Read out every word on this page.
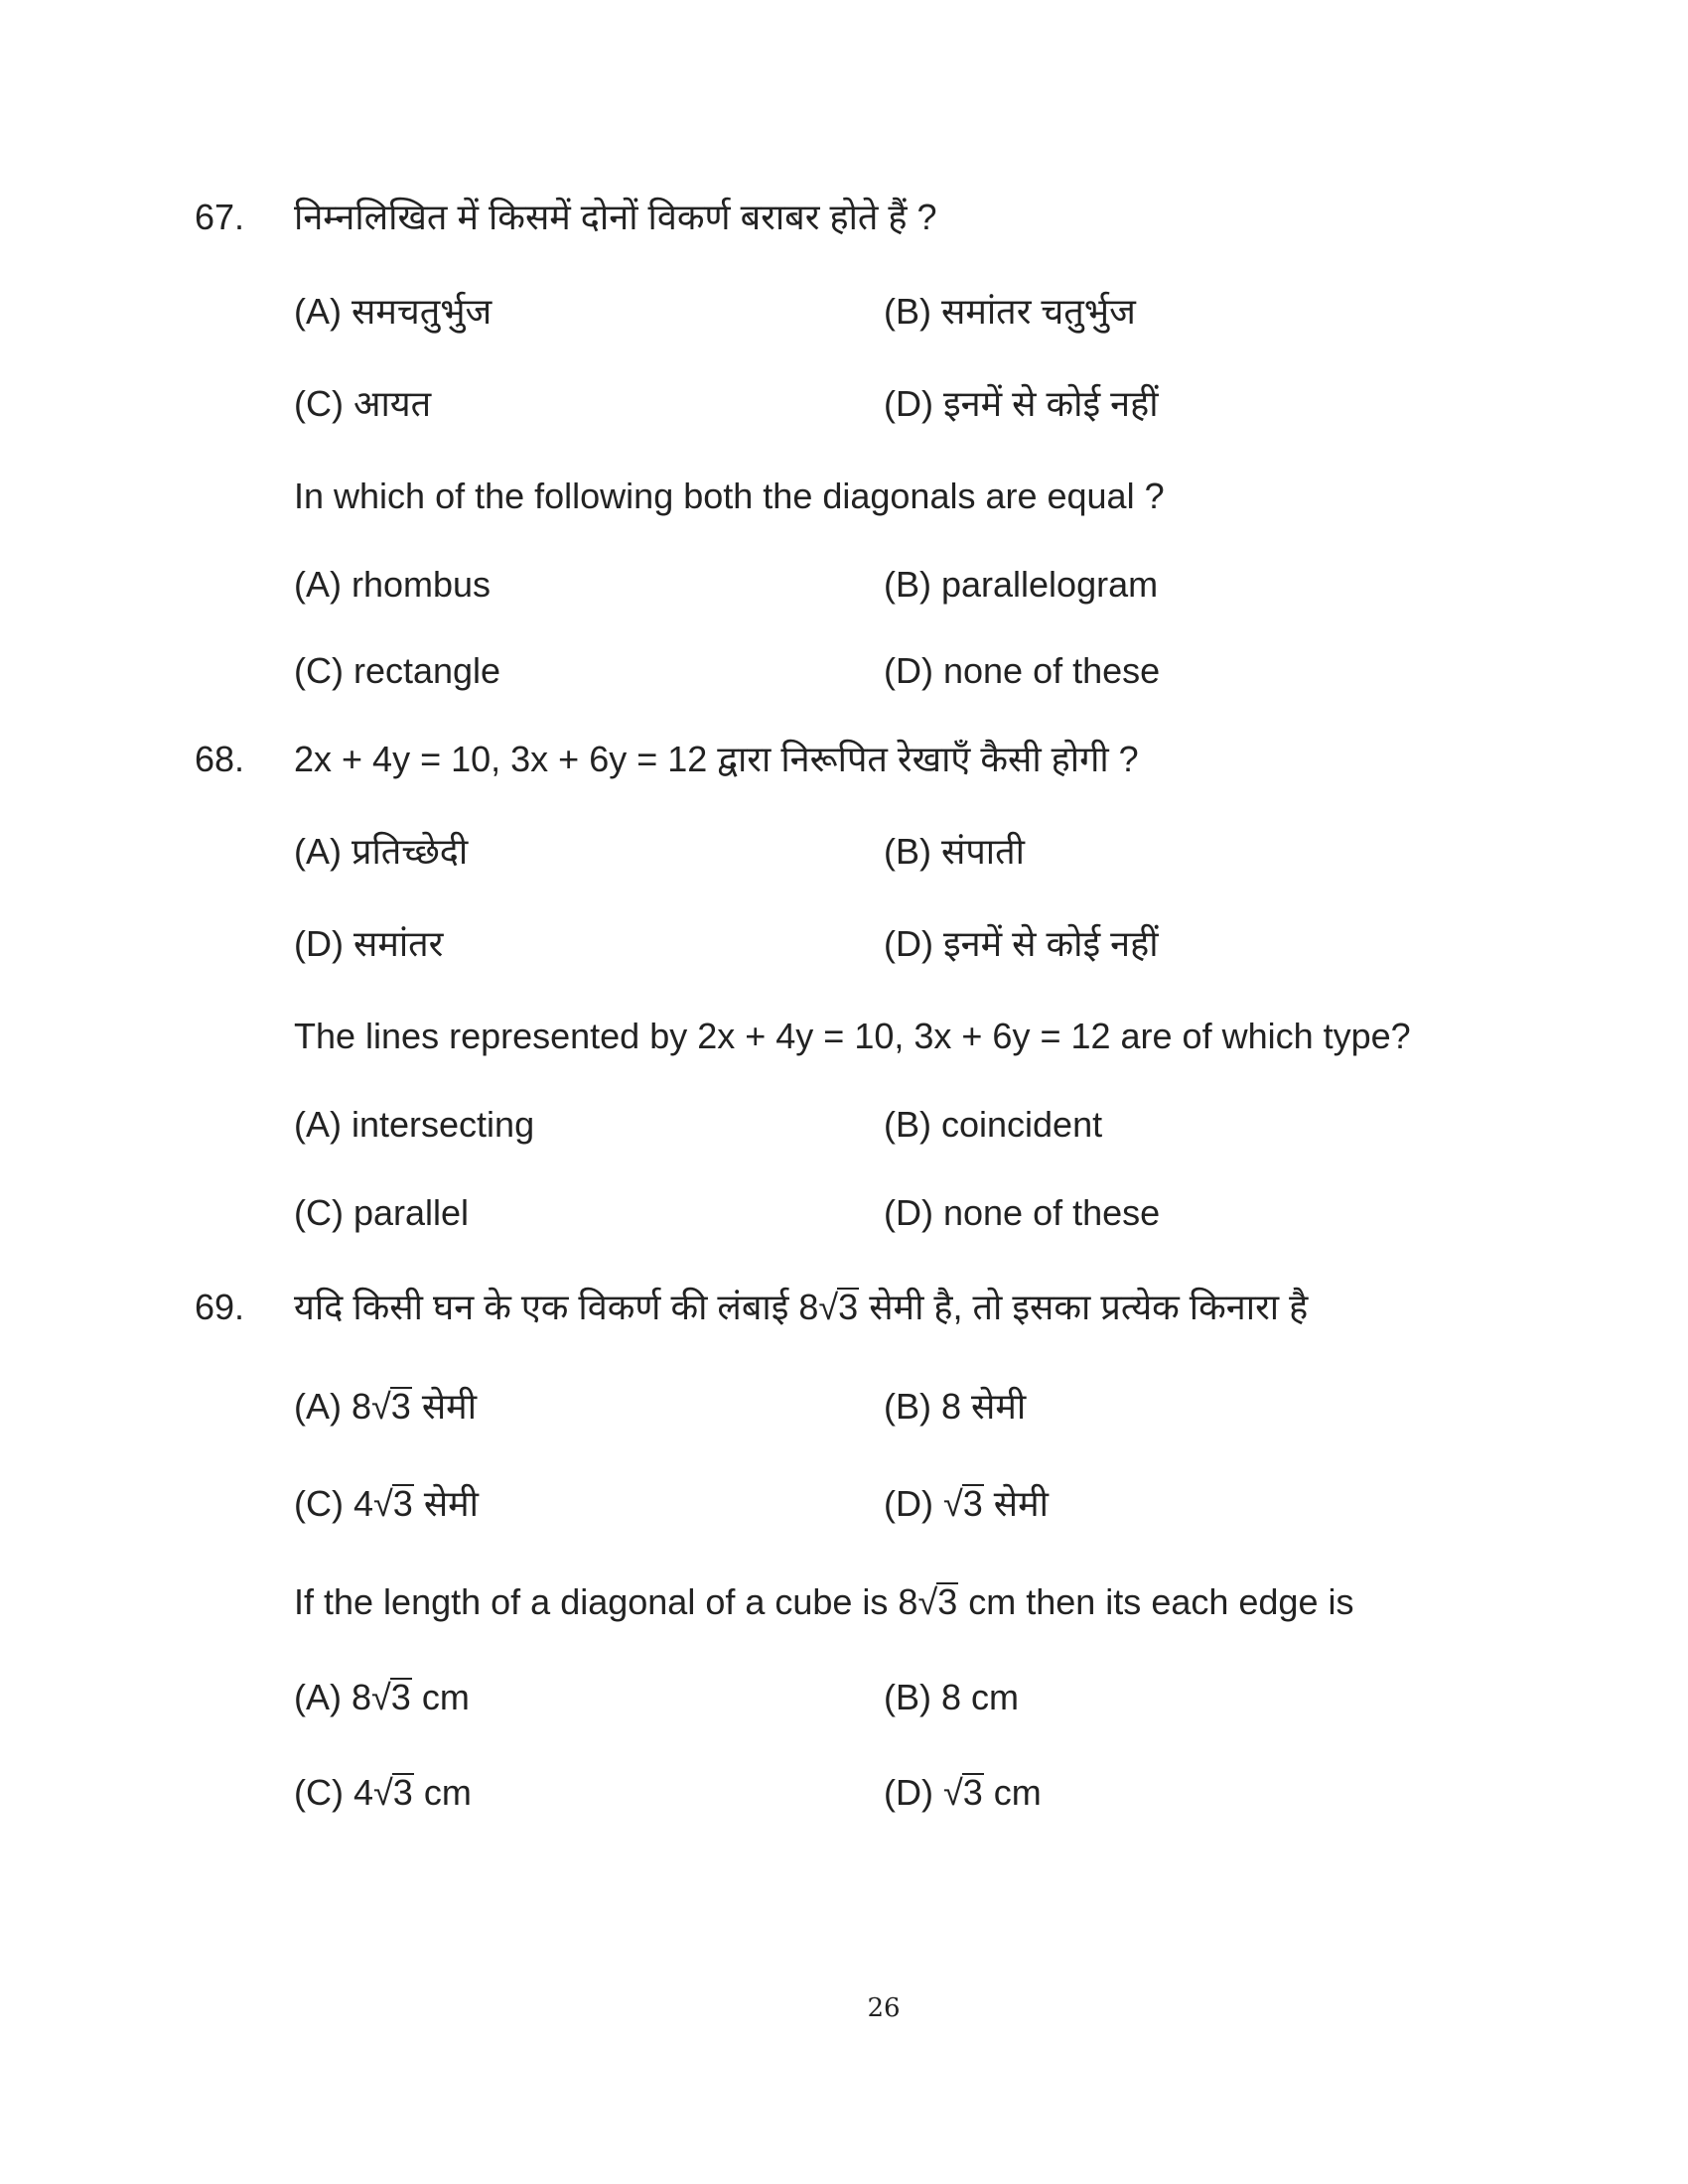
67. निम्नलिखित में किसमें दोनों विकर्ण बराबर होते हैं ?
(A) समचतुर्भुज	(B) समांतर चतुर्भुज
(C) आयत	(D) इनमें से कोई नहीं
In which of the following both the diagonals are equal ?
(A) rhombus	(B) parallelogram
(C) rectangle	(D) none of these
68. 2x + 4y = 10, 3x + 6y = 12 द्वारा निरूपित रेखाएँ कैसी होगी ?
(A) प्रतिच्छेदी	(B) संपाती
(D) समांतर	(D) इनमें से कोई नहीं
The lines represented by 2x + 4y = 10, 3x + 6y = 12 are of which type?
(A) intersecting	(B) coincident
(C) parallel	(D) none of these
69. यदि किसी घन के एक विकर्ण की लंबाई 8√3 सेमी है, तो इसका प्रत्येक किनारा है
(A) 8√3 सेमी	(B) 8 सेमी
(C) 4√3 सेमी	(D) √3 सेमी
If the length of a diagonal of a cube is 8√3 cm then its each edge is
(A) 8√3 cm	(B) 8 cm
(C) 4√3 cm	(D) √3 cm
26
